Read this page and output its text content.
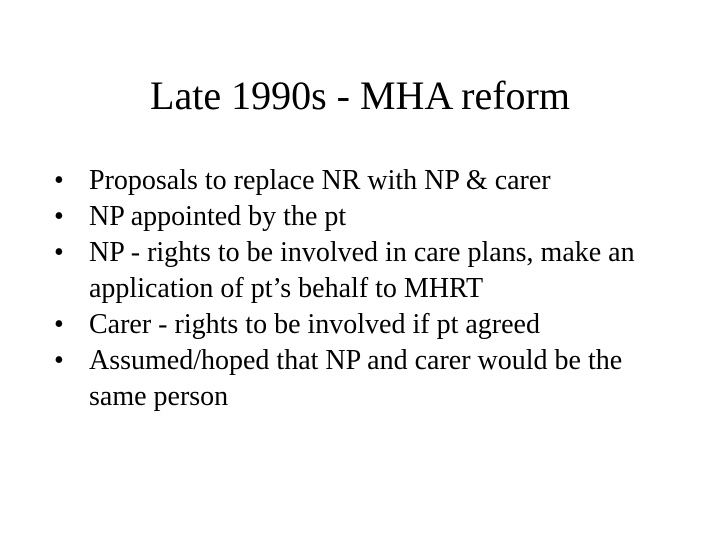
Late 1990s - MHA reform
• Proposals to replace NR with NP & carer
• NP appointed by the pt
• NP - rights to be involved in care plans, make an application of pt’s behalf to MHRT
• Carer - rights to be involved if pt agreed
• Assumed/hoped that NP and carer would be the same person
